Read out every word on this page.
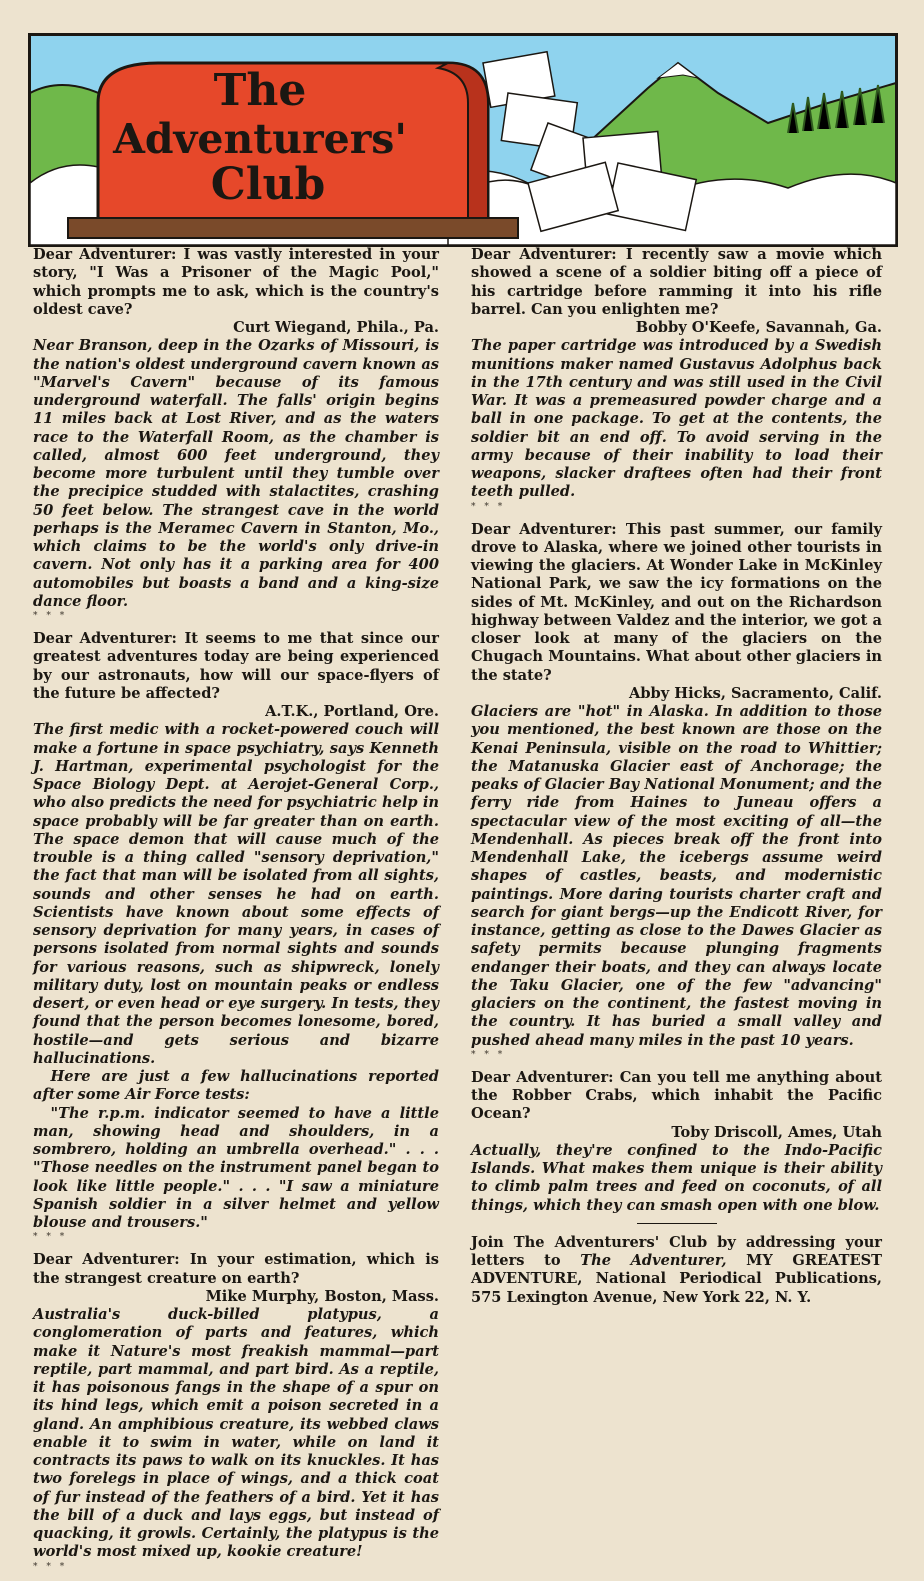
The
Adventurers'
Club

Dear Adventurer: I was vastly interested in your story, "I Was a Prisoner of the Magic Pool," which prompts me to ask, which is the country's oldest cave?

Curt Wiegand, Phila., Pa.

Near Branson, deep in the Ozarks of Missouri, is the nation's oldest underground cavern known as "Marvel's Cavern" because of its famous underground waterfall. The falls' origin begins 11 miles back at Lost River, and as the waters race to the Waterfall Room, as the chamber is called, almost 600 feet underground, they become more turbulent until they tumble over the precipice studded with stalactites, crashing 50 feet below. The strangest cave in the world perhaps is the Meramec Cavern in Stanton, Mo., which claims to be the world's only drive-in cavern. Not only has it a parking area for 400 automobiles but boasts a band and a king-size dance floor.

* * *

Dear Adventurer: It seems to me that since our greatest adventures today are being experienced by our astronauts, how will our space-flyers of the future be affected?

A.T.K., Portland, Ore.

The first medic with a rocket-powered couch will make a fortune in space psychiatry, says Kenneth J. Hartman, experimental psychologist for the Space Biology Dept. at Aerojet-General Corp., who also predicts the need for psychiatric help in space probably will be far greater than on earth. The space demon that will cause much of the trouble is a thing called "sensory deprivation," the fact that man will be isolated from all sights, sounds and other senses he had on earth. Scientists have known about some effects of sensory deprivation for many years, in cases of persons isolated from normal sights and sounds for various reasons, such as shipwreck, lonely military duty, lost on mountain peaks or endless desert, or even head or eye surgery. In tests, they found that the person becomes lonesome, bored, hostile—and gets serious and bizarre hallucinations.

Here are just a few hallucinations reported after some Air Force tests:

"The r.p.m. indicator seemed to have a little man, showing head and shoulders, in a sombrero, holding an umbrella overhead." . . . "Those needles on the instrument panel began to look like little people." . . . "I saw a miniature Spanish soldier in a silver helmet and yellow blouse and trousers."

* * *

Dear Adventurer: In your estimation, which is the strangest creature on earth?

Mike Murphy, Boston, Mass.

Australia's duck-billed platypus, a conglomeration of parts and features, which make it Nature's most freakish mammal—part reptile, part mammal, and part bird. As a reptile, it has poisonous fangs in the shape of a spur on its hind legs, which emit a poison secreted in a gland. An amphibious creature, its webbed claws enable it to swim in water, while on land it contracts its paws to walk on its knuckles. It has two forelegs in place of wings, and a thick coat of fur instead of the feathers of a bird. Yet it has the bill of a duck and lays eggs, but instead of quacking, it growls. Certainly, the platypus is the world's most mixed up, kookie creature!

* * *

Dear Adventurer: I recently saw a movie which showed a scene of a soldier biting off a piece of his cartridge before ramming it into his rifle barrel. Can you enlighten me?

Bobby O'Keefe, Savannah, Ga.

The paper cartridge was introduced by a Swedish munitions maker named Gustavus Adolphus back in the 17th century and was still used in the Civil War. It was a premeasured powder charge and a ball in one package. To get at the contents, the soldier bit an end off. To avoid serving in the army because of their inability to load their weapons, slacker draftees often had their front teeth pulled.

* * *

Dear Adventurer: This past summer, our family drove to Alaska, where we joined other tourists in viewing the glaciers. At Wonder Lake in McKinley National Park, we saw the icy formations on the sides of Mt. McKinley, and out on the Richardson highway between Valdez and the interior, we got a closer look at many of the glaciers on the Chugach Mountains. What about other glaciers in the state?

Abby Hicks, Sacramento, Calif.

Glaciers are "hot" in Alaska. In addition to those you mentioned, the best known are those on the Kenai Peninsula, visible on the road to Whittier; the Matanuska Glacier east of Anchorage; the peaks of Glacier Bay National Monument; and the ferry ride from Haines to Juneau offers a spectacular view of the most exciting of all—the Mendenhall. As pieces break off the front into Mendenhall Lake, the icebergs assume weird shapes of castles, beasts, and modernistic paintings. More daring tourists charter craft and search for giant bergs—up the Endicott River, for instance, getting as close to the Dawes Glacier as safety permits because plunging fragments endanger their boats, and they can always locate the Taku Glacier, one of the few "advancing" glaciers on the continent, the fastest moving in the country. It has buried a small valley and pushed ahead many miles in the past 10 years.

* * *

Dear Adventurer: Can you tell me anything about the Robber Crabs, which inhabit the Pacific Ocean?

Toby Driscoll, Ames, Utah

Actually, they're confined to the Indo-Pacific Islands. What makes them unique is their ability to climb palm trees and feed on coconuts, of all things, which they can smash open with one blow.

Join The Adventurers' Club by addressing your letters to The Adventurer, MY GREATEST ADVENTURE, National Periodical Publications, 575 Lexington Avenue, New York 22, N. Y.
